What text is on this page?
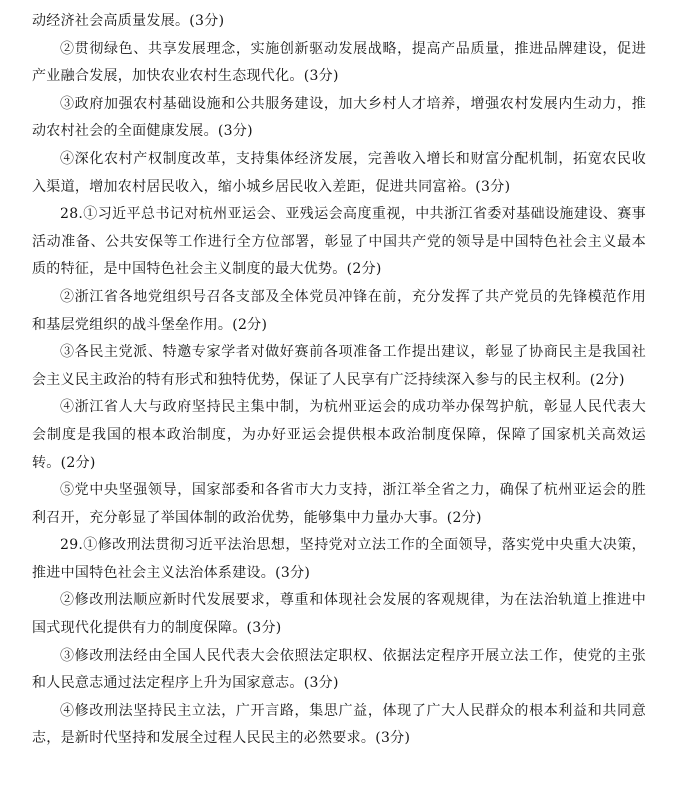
动经济社会高质量发展。(3分)

②贯彻绿色、共享发展理念，实施创新驱动发展战略，提高产品质量，推进品牌建设，促进产业融合发展，加快农业农村生态现代化。(3分)

③政府加强农村基础设施和公共服务建设，加大乡村人才培养，增强农村发展内生动力，推动农村社会的全面健康发展。(3分)

④深化农村产权制度改革，支持集体经济发展，完善收入增长和财富分配机制，拓宽农民收入渠道，增加农村居民收入，缩小城乡居民收入差距，促进共同富裕。(3分)

28.①习近平总书记对杭州亚运会、亚残运会高度重视，中共浙江省委对基础设施建设、赛事活动准备、公共安保等工作进行全方位部署，彰显了中国共产党的领导是中国特色社会主义最本质的特征，是中国特色社会主义制度的最大优势。(2分)

②浙江省各地党组织号召各支部及全体党员冲锋在前，充分发挥了共产党员的先锋模范作用和基层党组织的战斗堡垒作用。(2分)

③各民主党派、特邀专家学者对做好赛前各项准备工作提出建议，彰显了协商民主是我国社会主义民主政治的特有形式和独特优势，保证了人民享有广泛持续深入参与的民主权利。(2分)

④浙江省人大与政府坚持民主集中制，为杭州亚运会的成功举办保驾护航，彰显人民代表大会制度是我国的根本政治制度，为办好亚运会提供根本政治制度保障，保障了国家机关高效运转。(2分)

⑤党中央坚强领导，国家部委和各省市大力支持，浙江举全省之力，确保了杭州亚运会的胜利召开，充分彰显了举国体制的政治优势，能够集中力量办大事。(2分)

29.①修改刑法贯彻习近平法治思想，坚持党对立法工作的全面领导，落实党中央重大决策，推进中国特色社会主义法治体系建设。(3分)

②修改刑法顺应新时代发展要求，尊重和体现社会发展的客观规律，为在法治轨道上推进中国式现代化提供有力的制度保障。(3分)

③修改刑法经由全国人民代表大会依照法定职权、依据法定程序开展立法工作，使党的主张和人民意志通过法定程序上升为国家意志。(3分)

④修改刑法坚持民主立法，广开言路，集思广益，体现了广大人民群众的根本利益和共同意志，是新时代坚持和发展全过程人民民主的必然要求。(3分)
